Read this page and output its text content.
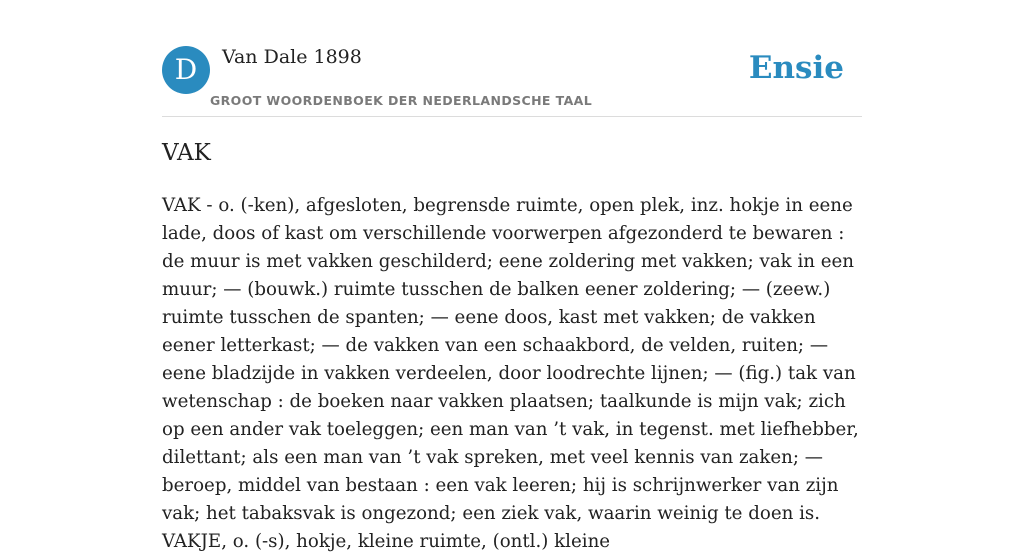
D	Van Dale 1898
GROOT WOORDENBOEK DER NEDERLANDSCHE TAAL
Ensie
VAK

VAK - o. (-ken), afgesloten, begrensde ruimte, open plek, inz. hokje in eene lade, doos of kast om verschillende voorwerpen afgezonderd te bewaren : de muur is met vakken geschilderd; eene zoldering met vakken; vak in een muur; — (bouwk.) ruimte tusschen de balken eener zoldering; — (zeew.) ruimte tusschen de spanten; — eene doos, kast met vakken; de vakken eener letterkast; — de vakken van een schaakbord, de velden, ruiten; — eene bladzijde in vakken verdeelen, door loodrechte lijnen; — (fig.) tak van wetenschap : de boeken naar vakken plaatsen; taalkunde is mijn vak; zich op een ander vak toeleggen; een man van ’t vak, in tegenst. met liefhebber, dilettant; als een man van ’t vak spreken, met veel kennis van zaken; — beroep, middel van bestaan : een vak leeren; hij is schrijnwerker van zijn vak; het tabaksvak is ongezond; een ziek vak, waarin weinig te doen is. VAKJE, o. (-s), hokje, kleine ruimte, (ontl.) kleine
